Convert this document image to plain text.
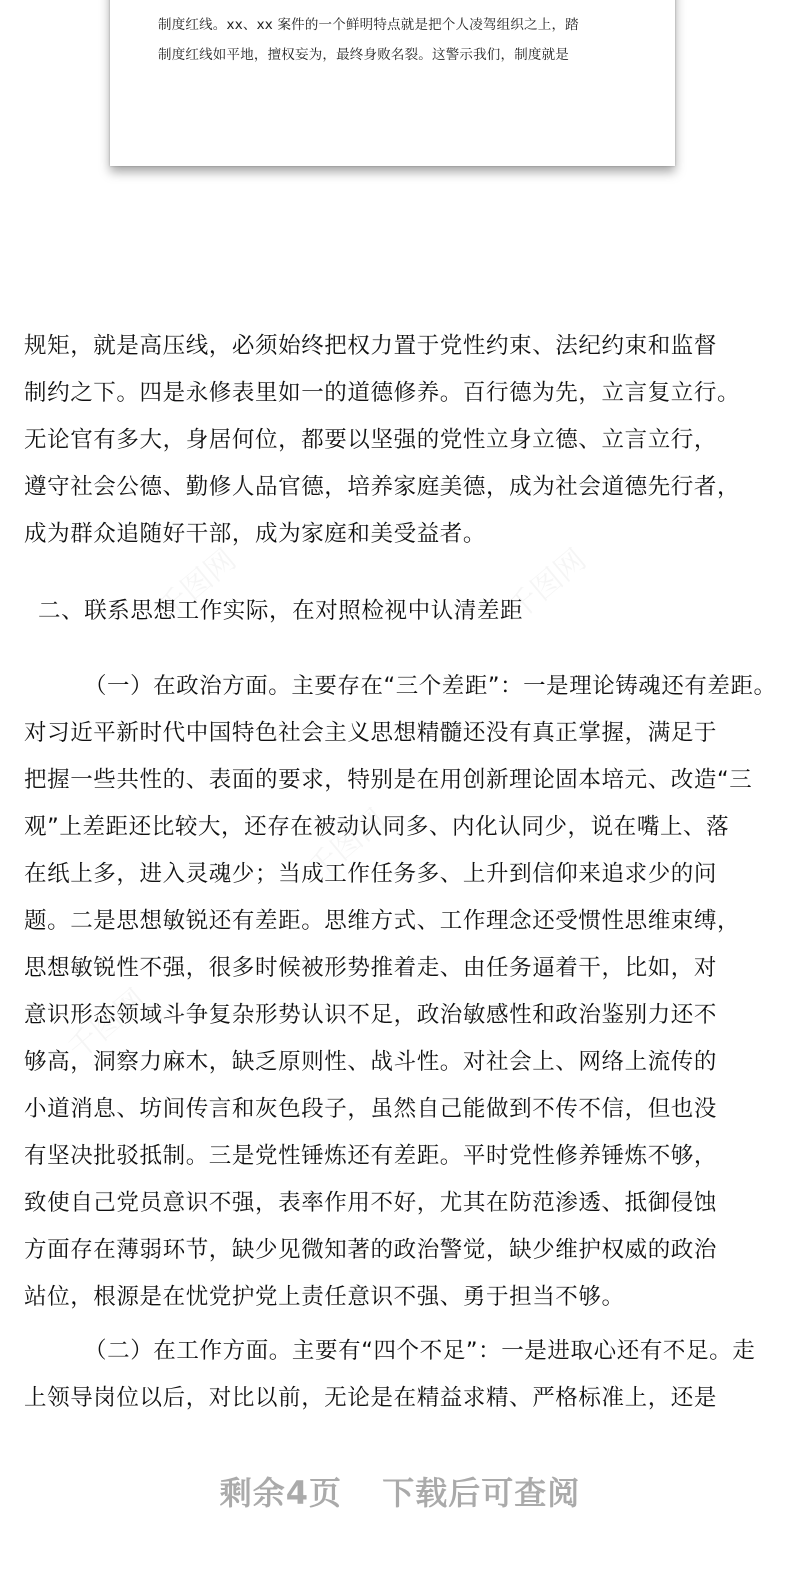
制度红线。xx、xx 案件的一个鲜明特点就是把个人凌驾组织之上，踏
制度红线如平地，擅权妄为，最终身败名裂。这警示我们，制度就是
规矩，就是高压线，必须始终把权力置于党性约束、法纪约束和监督
制约之下。四是永修表里如一的道德修养。百行德为先，立言复立行。
无论官有多大，身居何位，都要以坚强的党性立身立德、立言立行，
遵守社会公德、勤修人品官德，培养家庭美德，成为社会道德先行者，
成为群众追随好干部，成为家庭和美受益者。
二、联系思想工作实际，在对照检视中认清差距
（一）在政治方面。主要存在“三个差距”：一是理论铸魂还有差距。
对习近平新时代中国特色社会主义思想精髓还没有真正掌握，满足于
把握一些共性的、表面的要求，特别是在用创新理论固本培元、改造“三
观”上差距还比较大，还存在被动认同多、内化认同少，说在嘴上、落
在纸上多，进入灵魂少；当成工作任务多、上升到信仰来追求少的问
题。二是思想敏锐还有差距。思维方式、工作理念还受惯性思维束缚，
思想敏锐性不强，很多时候被形势推着走、由任务逼着干，比如，对
意识形态领域斗争复杂形势认识不足，政治敏感性和政治鉴别力还不
够高，洞察力麻木，缺乏原则性、战斗性。对社会上、网络上流传的
小道消息、坊间传言和灰色段子，虽然自己能做到不传不信，但也没
有坚决批驳抵制。三是党性锤炼还有差距。平时党性修养锤炼不够，
致使自己党员意识不强，表率作用不好，尤其在防范渗透、抵御侵蚀
方面存在薄弱环节，缺少见微知著的政治警觉，缺少维护权威的政治
站位，根源是在忧党护党上责任意识不强、勇于担当不够。
（二）在工作方面。主要有“四个不足”：一是进取心还有不足。走
上领导岗位以后，对比以前，无论是在精益求精、严格标准上，还是
剩余4页 下载后可查阅
